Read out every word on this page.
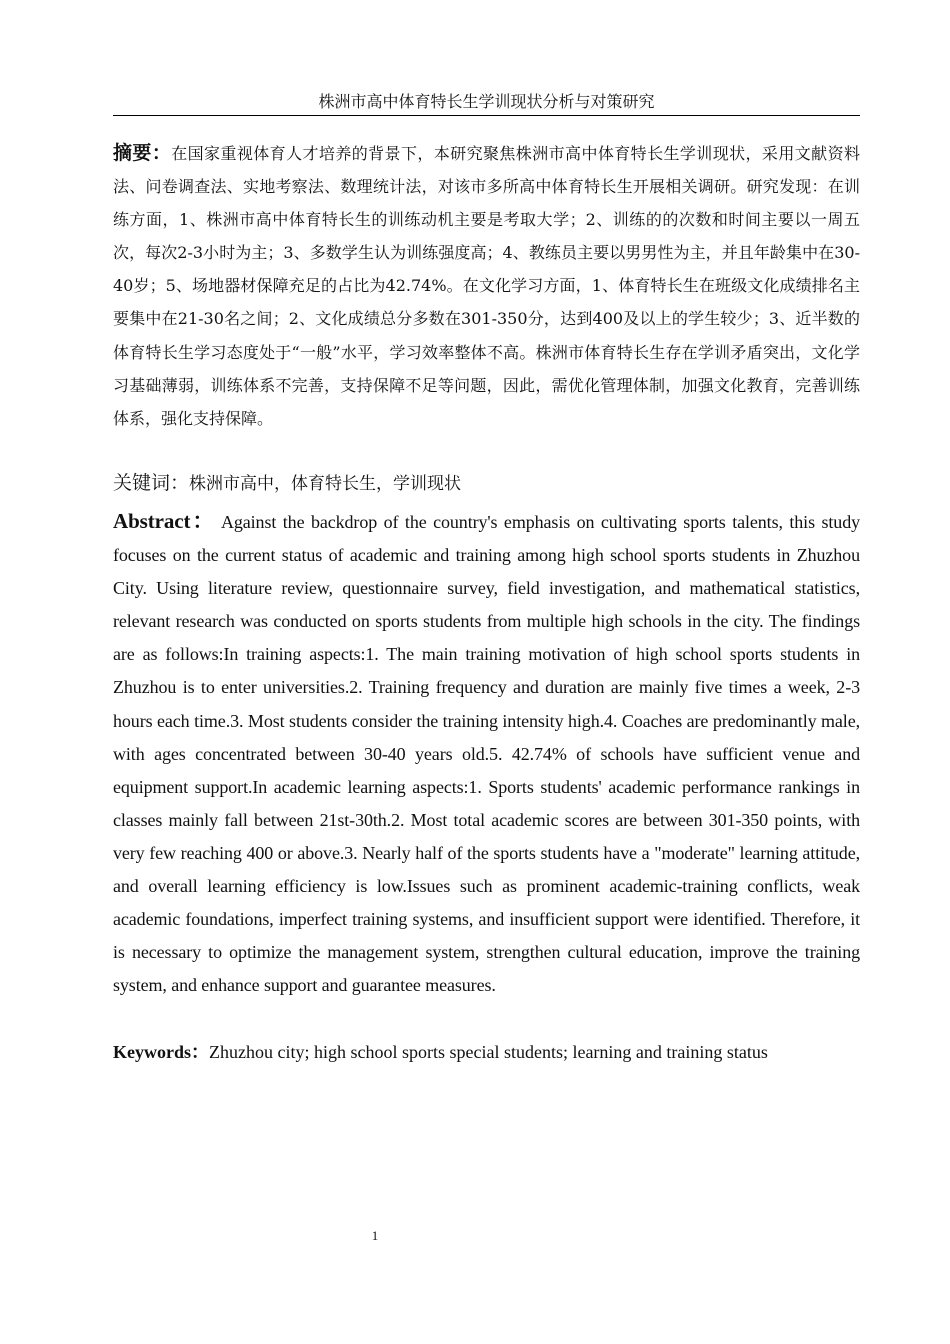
株洲市高中体育特长生学训现状分析与对策研究
摘要：在国家重视体育人才培养的背景下，本研究聚焦株洲市高中体育特长生学训现状，采用文献资料法、问卷调查法、实地考察法、数理统计法，对该市多所高中体育特长生开展相关调研。研究发现：在训练方面，1、株洲市高中体育特长生的训练动机主要是考取大学；2、训练的的次数和时间主要以一周五次，每次2-3小时为主；3、多数学生认为训练强度高；4、教练员主要以男男性为主，并且年龄集中在30-40岁；5、场地器材保障充足的占比为42.74%。在文化学习方面，1、体育特长生在班级文化成绩排名主要集中在21-30名之间；2、文化成绩总分多数在301-350分，达到400及以上的学生较少；3、近半数的体育特长生学习态度处于“一般”水平，学习效率整体不高。株洲市体育特长生存在学训矛盾突出，文化学习基础薄弱，训练体系不完善，支持保障不足等问题，因此，需优化管理体制，加强文化教育，完善训练体系，强化支持保障。
关键词：株洲市高中，体育特长生，学训现状
Abstract： Against the backdrop of the country's emphasis on cultivating sports talents, this study focuses on the current status of academic and training among high school sports students in Zhuzhou City. Using literature review, questionnaire survey, field investigation, and mathematical statistics, relevant research was conducted on sports students from multiple high schools in the city. The findings are as follows:In training aspects:1. The main training motivation of high school sports students in Zhuzhou is to enter universities.2. Training frequency and duration are mainly five times a week, 2-3 hours each time.3. Most students consider the training intensity high.4. Coaches are predominantly male, with ages concentrated between 30-40 years old.5. 42.74% of schools have sufficient venue and equipment support.In academic learning aspects:1. Sports students' academic performance rankings in classes mainly fall between 21st-30th.2. Most total academic scores are between 301-350 points, with very few reaching 400 or above.3. Nearly half of the sports students have a "moderate" learning attitude, and overall learning efficiency is low.Issues such as prominent academic-training conflicts, weak academic foundations, imperfect training systems, and insufficient support were identified. Therefore, it is necessary to optimize the management system, strengthen cultural education, improve the training system, and enhance support and guarantee measures.
Keywords：Zhuzhou city; high school sports special students; learning and training status
1
